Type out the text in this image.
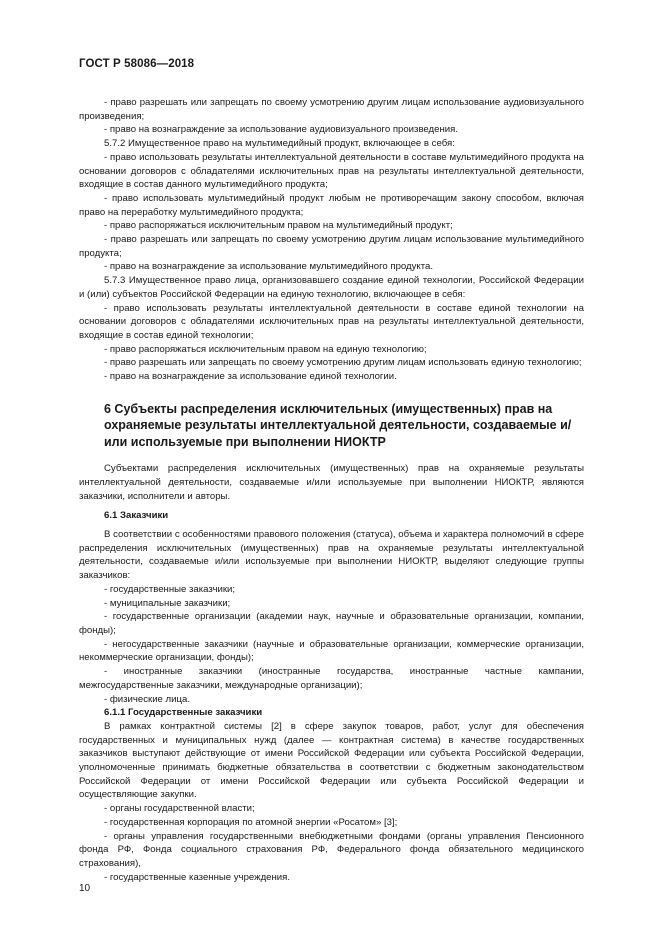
ГОСТ Р 58086—2018

- право разрешать или запрещать по своему усмотрению другим лицам использование аудиовизуального произведения;

- право на вознаграждение за использование аудиовизуального произведения.

5.7.2 Имущественное право на мультимедийный продукт, включающее в себя:

- право использовать результаты интеллектуальной деятельности в составе мультимедийного продукта на основании договоров с обладателями исключительных прав на результаты интеллектуальной деятельности, входящие в состав данного мультимедийного продукта;

- право использовать мультимедийный продукт любым не противоречащим закону способом, включая право на переработку мультимедийного продукта;

- право распоряжаться исключительным правом на мультимедийный продукт;

- право разрешать или запрещать по своему усмотрению другим лицам использование мультимедийного продукта;

- право на вознаграждение за использование мультимедийного продукта.

5.7.3 Имущественное право лица, организовавшего создание единой технологии, Российской Федерации и (или) субъектов Российской Федерации на единую технологию, включающее в себя:

- право использовать результаты интеллектуальной деятельности в составе единой технологии на основании договоров с обладателями исключительных прав на результаты интеллектуальной деятельности, входящие в состав единой технологии;

- право распоряжаться исключительным правом на единую технологию;

- право разрешать или запрещать по своему усмотрению другим лицам использовать единую технологию;

- право на вознаграждение за использование единой технологии.

6 Субъекты распределения исключительных (имущественных) прав на охраняемые результаты интеллектуальной деятельности, создаваемые и/или используемые при выполнении НИОКТР

Субъектами распределения исключительных (имущественных) прав на охраняемые результаты интеллектуальной деятельности, создаваемые и/или используемые при выполнении НИОКТР, являются заказчики, исполнители и авторы.

6.1 Заказчики

В соответствии с особенностями правового положения (статуса), объема и характера полномочий в сфере распределения исключительных (имущественных) прав на охраняемые результаты интеллектуальной деятельности, создаваемые и/или используемые при выполнении НИОКТР, выделяют следующие группы заказчиков:

- государственные заказчики;

- муниципальные заказчики;

- государственные организации (академии наук, научные и образовательные организации, компании, фонды);

- негосударственные заказчики (научные и образовательные организации, коммерческие организации, некоммерческие организации, фонды);

- иностранные заказчики (иностранные государства, иностранные частные кампании, межгосударственные заказчики, международные организации);

- физические лица.

6.1.1 Государственные заказчики

В рамках контрактной системы [2] в сфере закупок товаров, работ, услуг для обеспечения государственных и муниципальных нужд (далее — контрактная система) в качестве государственных заказчиков выступают действующие от имени Российской Федерации или субъекта Российской Федерации, уполномоченные принимать бюджетные обязательства в соответствии с бюджетным законодательством Российской Федерации от имени Российской Федерации или субъекта Российской Федерации и осуществляющие закупки.

- органы государственной власти;

- государственная корпорация по атомной энергии «Росатом» [3];

- органы управления государственными внебюджетными фондами (органы управления Пенсионного фонда РФ, Фонда социального страхования РФ, Федерального фонда обязательного медицинского страхования),

- государственные казенные учреждения.

10
